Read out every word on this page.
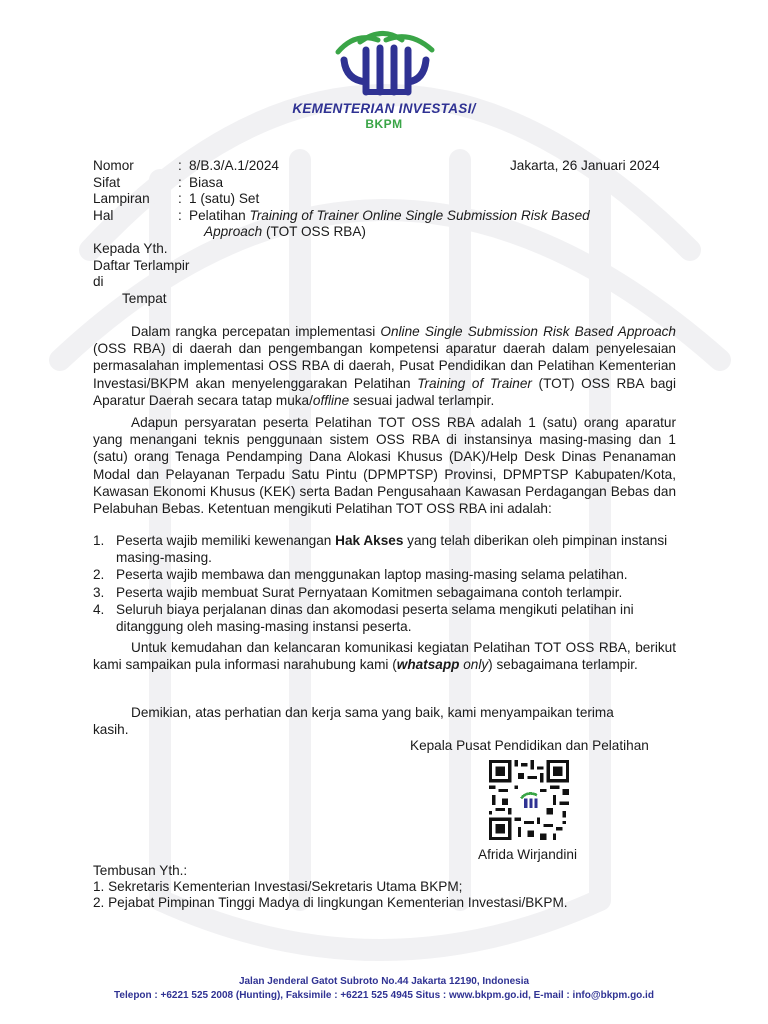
KEMENTERIAN INVESTASI/
BKPM
Nomor	: 8/B.3/A.1/2024	Jakarta, 26 Januari 2024
Sifat	: Biasa
Lampiran : 1 (satu) Set
Hal	: Pelatihan Training of Trainer Online Single Submission Risk Based
Approach (TOT OSS RBA)
Kepada Yth.
Daftar Terlampir
di
Tempat

Dalam rangka percepatan implementasi Online Single Submission Risk Based Approach (OSS RBA) di daerah dan pengembangan kompetensi aparatur daerah dalam penyelesaian permasalahan implementasi OSS RBA di daerah, Pusat Pendidikan dan Pelatihan Kementerian Investasi/BKPM akan menyelenggarakan Pelatihan Training of Trainer (TOT) OSS RBA bagi Aparatur Daerah secara tatap muka/offline sesuai jadwal terlampir.

Adapun persyaratan peserta Pelatihan TOT OSS RBA adalah 1 (satu) orang aparatur yang menangani teknis penggunaan sistem OSS RBA di instansinya masing-masing dan 1 (satu) orang Tenaga Pendamping Dana Alokasi Khusus (DAK)/Help Desk Dinas Penanaman Modal dan Pelayanan Terpadu Satu Pintu (DPMPTSP) Provinsi, DPMPTSP Kabupaten/Kota, Kawasan Ekonomi Khusus (KEK) serta Badan Pengusahaan Kawasan Perdagangan Bebas dan Pelabuhan Bebas. Ketentuan mengikuti Pelatihan TOT OSS RBA ini adalah:

1. Peserta wajib memiliki kewenangan Hak Akses yang telah diberikan oleh pimpinan instansi masing-masing.
2. Peserta wajib membawa dan menggunakan laptop masing-masing selama pelatihan.
3. Peserta wajib membuat Surat Pernyataan Komitmen sebagaimana contoh terlampir.
4. Seluruh biaya perjalanan dinas dan akomodasi peserta selama mengikuti pelatihan ini ditanggung oleh masing-masing instansi peserta.

Untuk kemudahan dan kelancaran komunikasi kegiatan Pelatihan TOT OSS RBA, berikut kami sampaikan pula informasi narahubung kami (whatsapp only) sebagaimana terlampir.

Demikian, atas perhatian dan kerja sama yang baik, kami menyampaikan terima kasih.

Kepala Pusat Pendidikan dan Pelatihan
Afrida Wirjandini
Tembusan Yth.:
1. Sekretaris Kementerian Investasi/Sekretaris Utama BKPM;
2. Pejabat Pimpinan Tinggi Madya di lingkungan Kementerian Investasi/BKPM.
Jalan Jenderal Gatot Subroto No.44 Jakarta 12190, Indonesia
Telepon : +6221 525 2008 (Hunting), Faksimile : +6221 525 4945 Situs : www.bkpm.go.id, E-mail : info@bkpm.go.id
